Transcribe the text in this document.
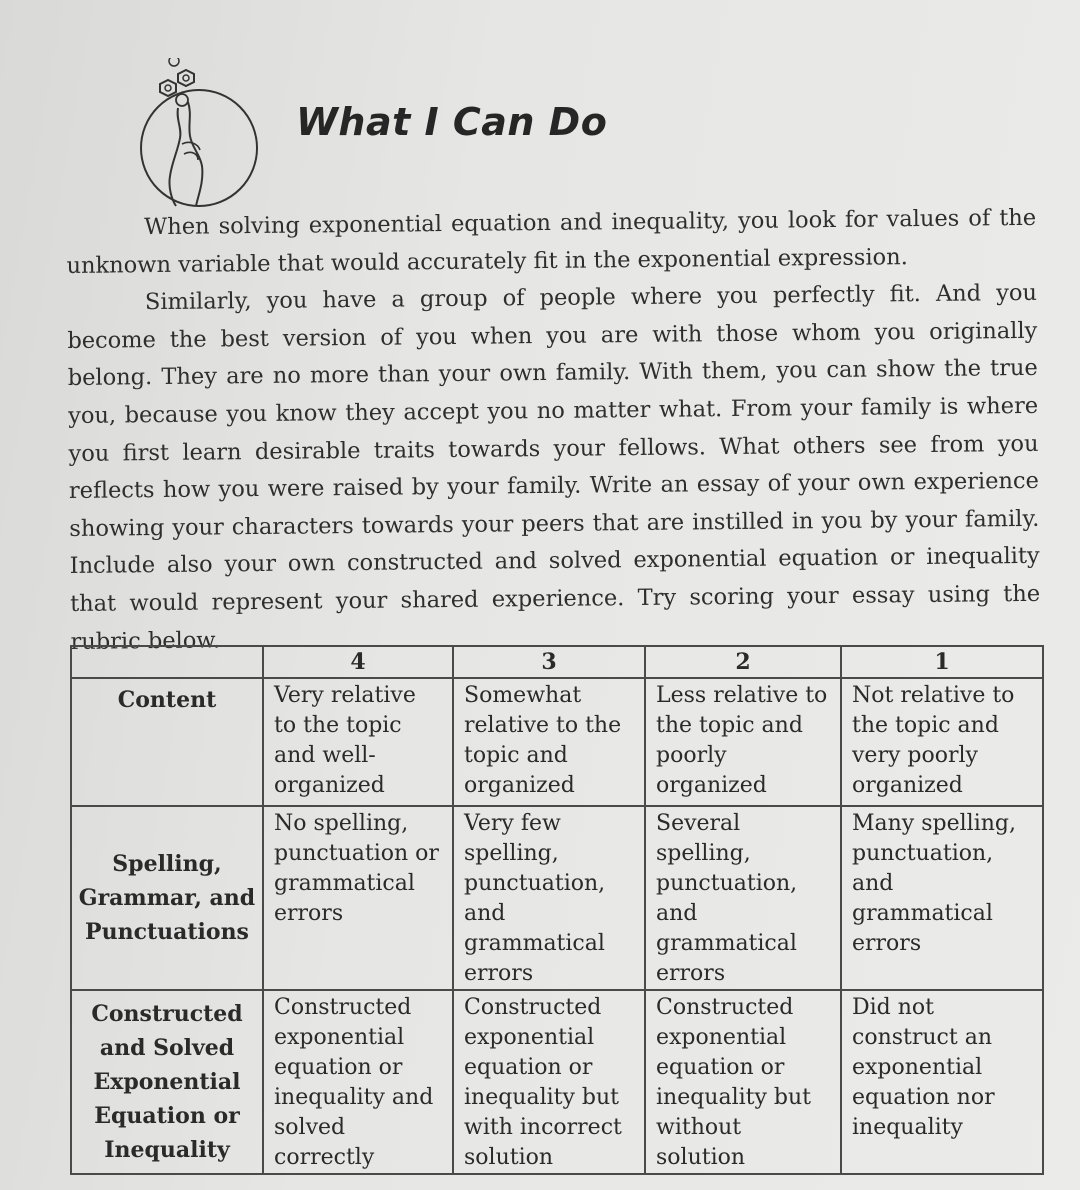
What I Can Do

When solving exponential equation and inequality, you look for values of the unknown variable that would accurately fit in the exponential expression.

Similarly, you have a group of people where you perfectly fit. And you become the best version of you when you are with those whom you originally belong. They are no more than your own family. With them, you can show the true you, because you know they accept you no matter what. From your family is where you first learn desirable traits towards your fellows. What others see from you reflects how you were raised by your family. Write an essay of your own experience showing your characters towards your peers that are instilled in you by your family. Include also your own constructed and solved exponential equation or inequality that would represent your shared experience. Try scoring your essay using the rubric below.

	4	3	2	1
Content	Very relative to the topic and well-organized	Somewhat relative to the topic and organized	Less relative to the topic and poorly organized	Not relative to the topic and very poorly organized
Spelling, Grammar, and Punctuations	No spelling, punctuation or grammatical errors	Very few spelling, punctuation, and grammatical errors	Several spelling, punctuation, and grammatical errors	Many spelling, punctuation, and grammatical errors
Constructed and Solved Exponential Equation or Inequality	Constructed exponential equation or inequality and solved correctly	Constructed exponential equation or inequality but with incorrect solution	Constructed exponential equation or inequality but without solution	Did not construct an exponential equation nor inequality
